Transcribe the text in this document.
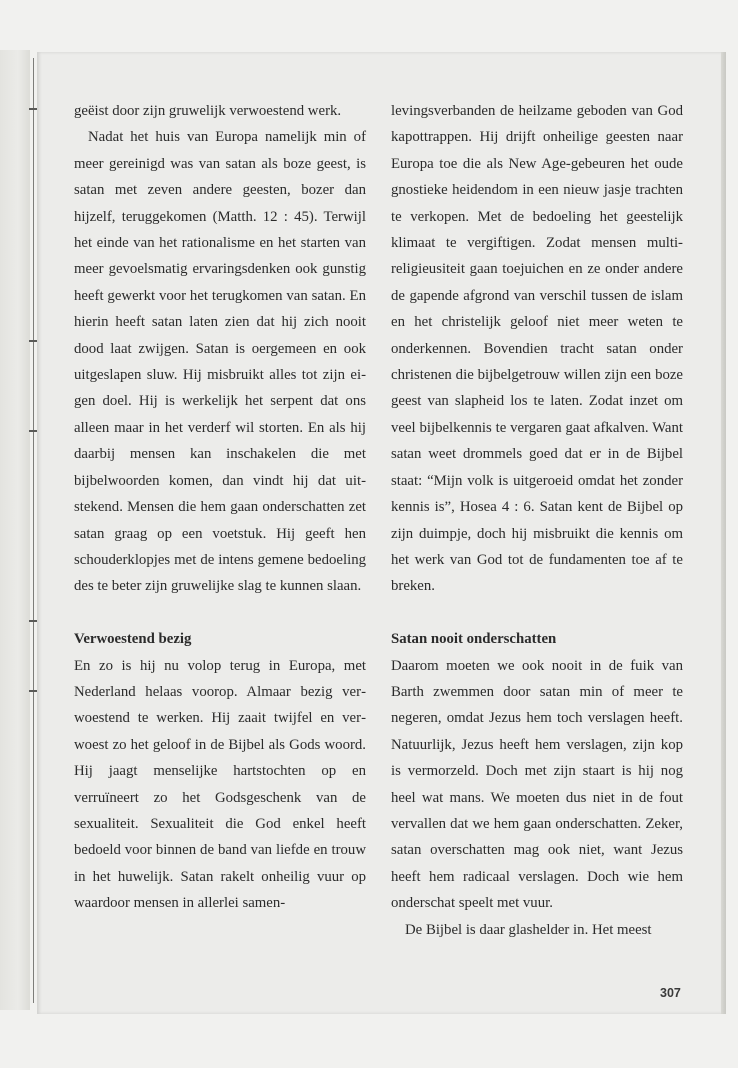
geëist door zijn gruwelijk verwoestend werk.

Nadat het huis van Europa namelijk min of meer gereinigd was van satan als boze geest, is satan met zeven andere geesten, bozer dan hijzelf, teruggekomen (Matth. 12 : 45). Terwijl het einde van het rationalisme en het starten van meer gevoelsmatig ervaringsdenken ook gunstig heeft gewerkt voor het terugkomen van satan. En hierin heeft satan laten zien dat hij zich nooit dood laat zwijgen. Satan is oergemeen en ook uitgeslapen sluw. Hij misbruikt alles tot zijn eigen doel. Hij is werkelijk het serpent dat ons alleen maar in het verderf wil storten. En als hij daarbij mensen kan inschakelen die met bijbelwoorden komen, dan vindt hij dat uitstekend. Mensen die hem gaan onderschatten zet satan graag op een voetstuk. Hij geeft hen schouderklopjes met de intens gemene bedoeling des te beter zijn gruwelijke slag te kunnen slaan.

Verwoestend bezig

En zo is hij nu volop terug in Europa, met Nederland helaas voorop. Almaar bezig verwoestend te werken. Hij zaait twijfel en verwoest zo het geloof in de Bijbel als Gods woord. Hij jaagt menselijke hartstochten op en verruïneert zo het Godsgeschenk van de sexualiteit. Sexualiteit die God enkel heeft bedoeld voor binnen de band van liefde en trouw in het huwelijk. Satan rakelt onheilig vuur op waardoor mensen in allerlei samen-

levingsverbanden de heilzame geboden van God kapottrappen. Hij drijft onheilige geesten naar Europa toe die als New Age-gebeuren het oude gnostieke heidendom in een nieuw jasje trachten te verkopen. Met de bedoeling het geestelijk klimaat te vergiftigen. Zodat mensen multi-religieusiteit gaan toejuichen en ze onder andere de gapende afgrond van verschil tussen de islam en het christelijk geloof niet meer weten te onderkennen. Bovendien tracht satan onder christenen die bijbelgetrouw willen zijn een boze geest van slapheid los te laten. Zodat inzet om veel bijbelkennis te vergaren gaat afkalven. Want satan weet drommels goed dat er in de Bijbel staat: “Mijn volk is uitgeroeid omdat het zonder kennis is”, Hosea 4 : 6. Satan kent de Bijbel op zijn duimpje, doch hij misbruikt die kennis om het werk van God tot de fundamenten toe af te breken.

Satan nooit onderschatten

Daarom moeten we ook nooit in de fuik van Barth zwemmen door satan min of meer te negeren, omdat Jezus hem toch verslagen heeft. Natuurlijk, Jezus heeft hem verslagen, zijn kop is vermorzeld. Doch met zijn staart is hij nog heel wat mans. We moeten dus niet in de fout vervallen dat we hem gaan onderschatten. Zeker, satan overschatten mag ook niet, want Jezus heeft hem radicaal verslagen. Doch wie hem onderschat speelt met vuur.

De Bijbel is daar glashelder in. Het meest

307
